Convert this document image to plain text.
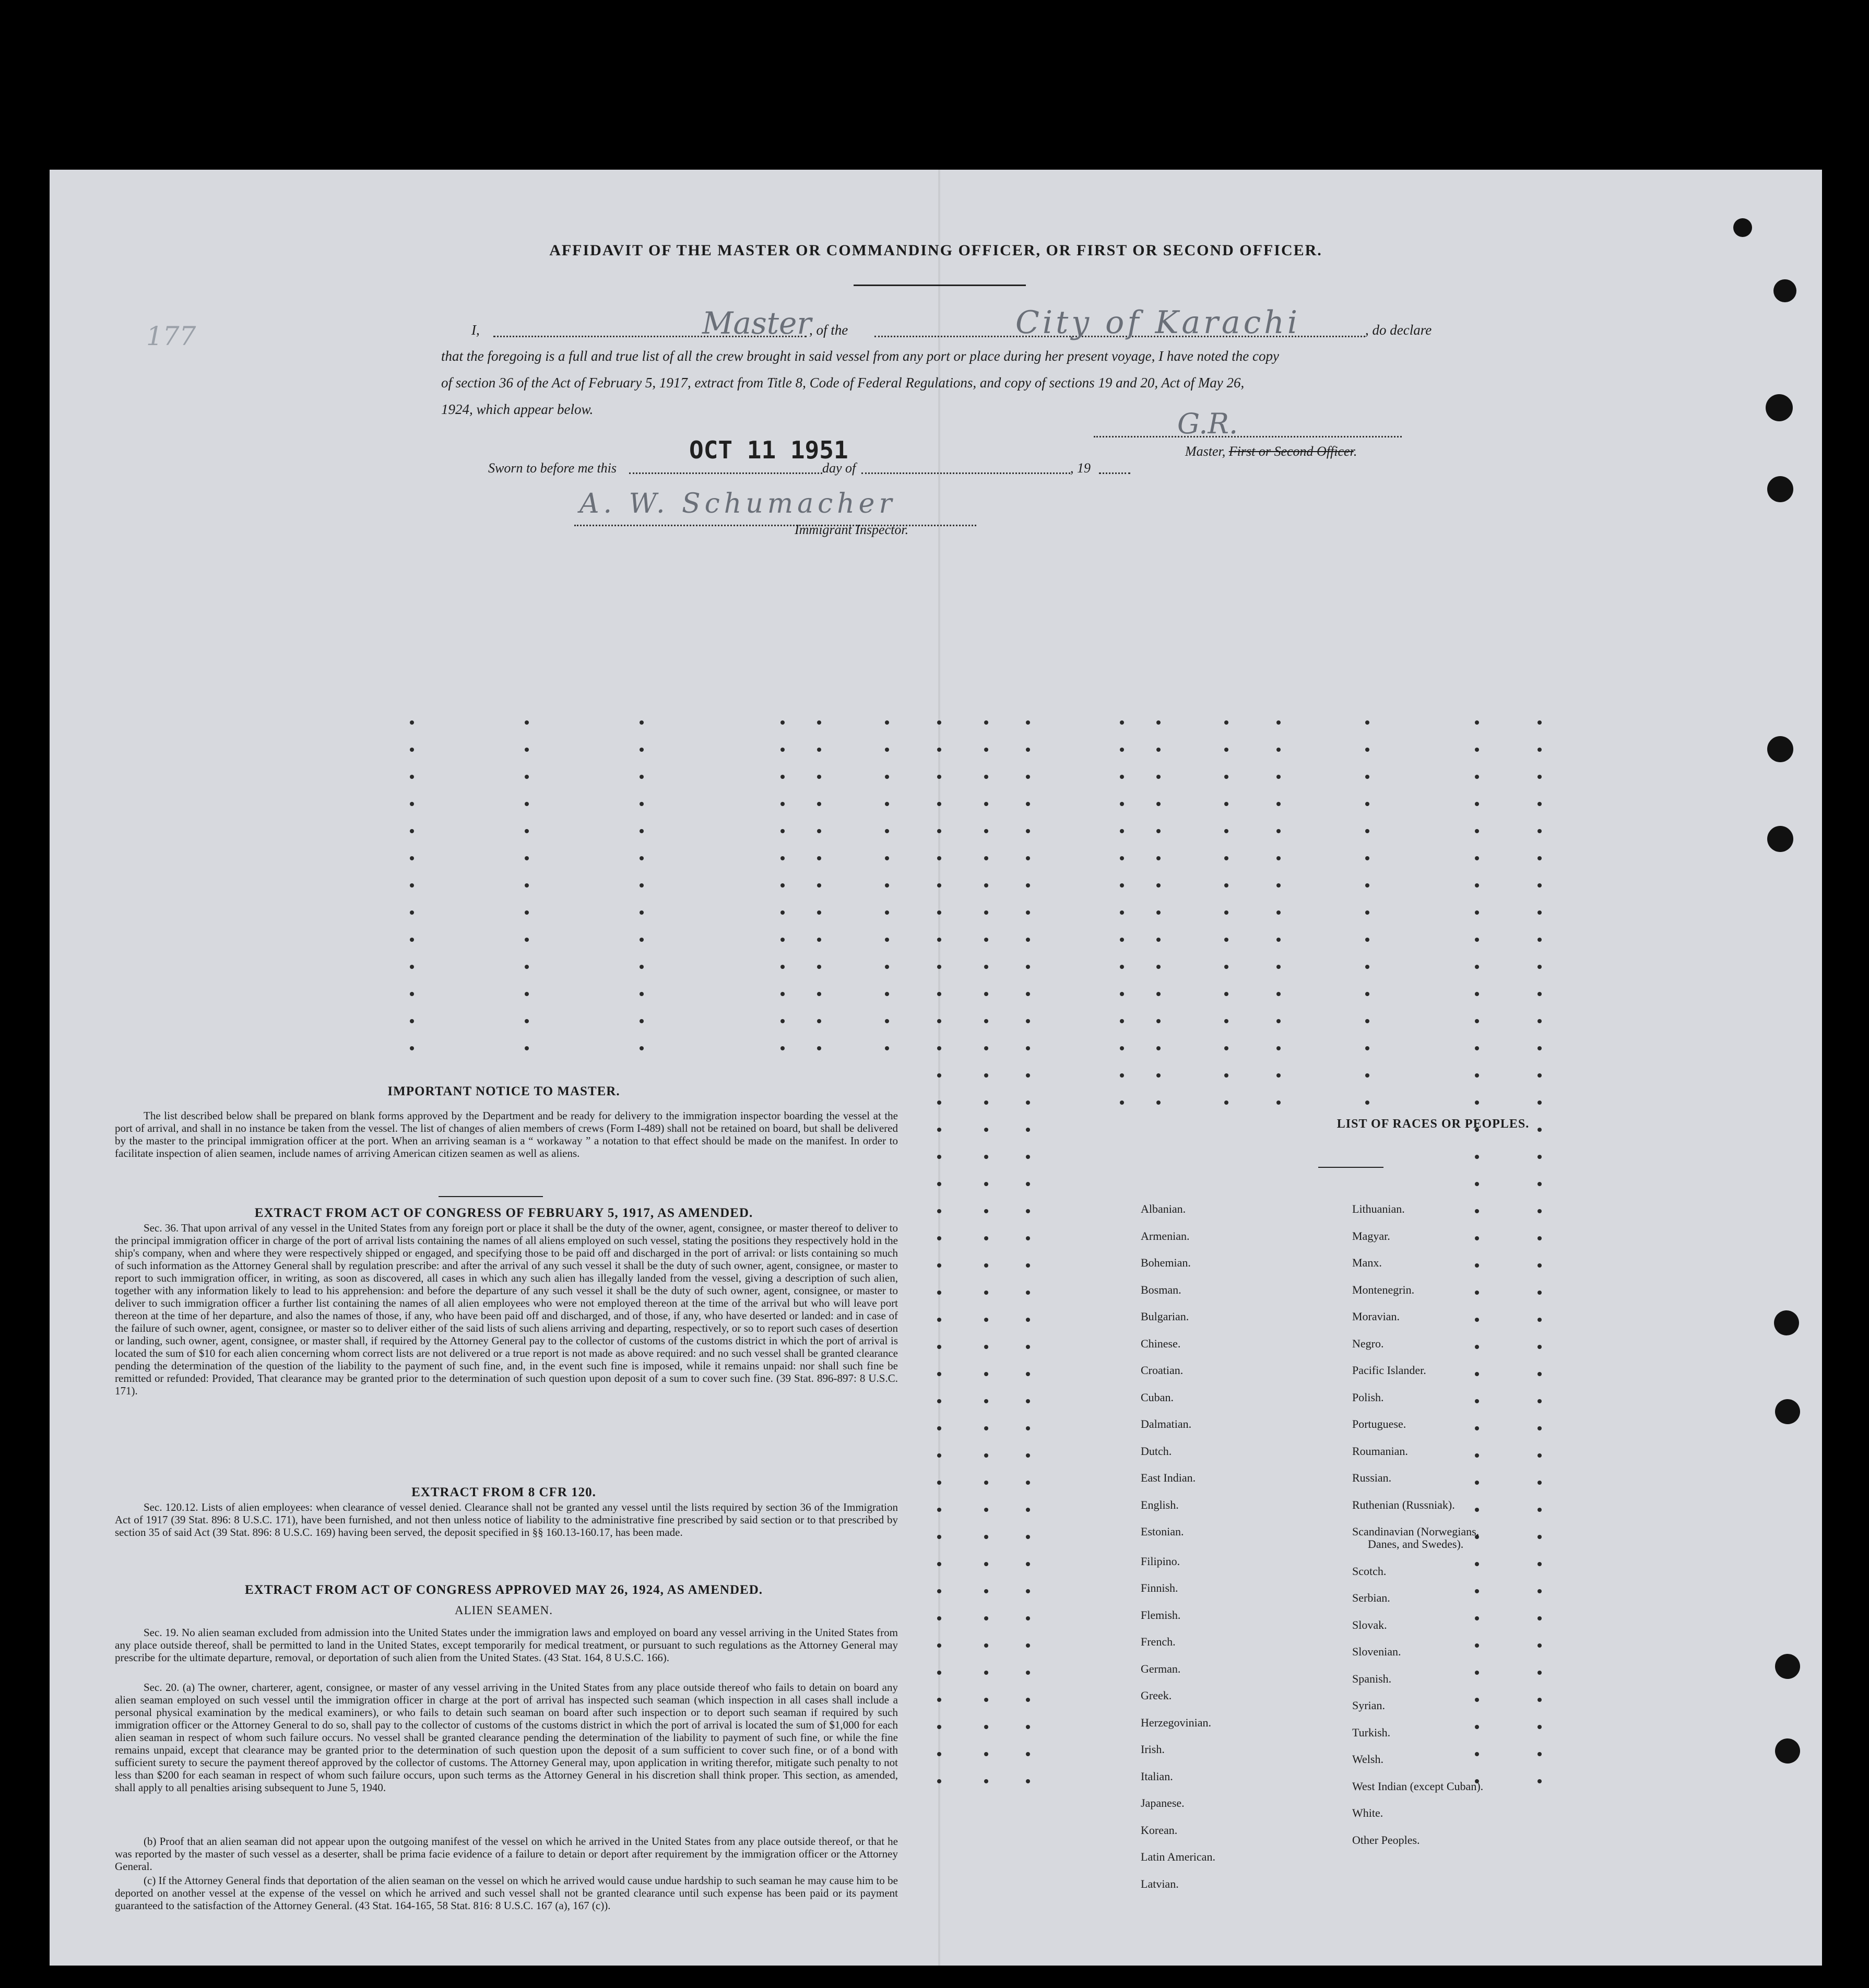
AFFIDAVIT OF THE MASTER OR COMMANDING OFFICER, OR FIRST OR SECOND OFFICER.
177	I,	Master
, of the	City of Karachi	, do declare
that the foregoing is a full and true list of all the crew brought in said vessel from any port or place during her present voyage, I have noted the copy
of section 36 of the Act of February 5, 1917, extract from Title 8, Code of Federal Regulations, and copy of sections 19 and 20, Act of May 26,
1924, which appear below.	G.R.
Master, First or Second Officer.
OCT 11 1951
Sworn to before me this	day of	, 19
A. W. Schumacher
Immigrant Inspector.
IMPORTANT NOTICE TO MASTER.
The list described below shall be prepared on blank forms approved by the Department and be ready for delivery to the immigration inspector boarding the vessel at the port of arrival, and shall in no instance be taken from the vessel. The list of changes of alien members of crews (Form I-489) shall not be retained on board, but shall be delivered by the master to the principal immigration officer at the port. When an arriving seaman is a “ workaway ” a notation to that effect should be made on the manifest. In order to facilitate inspection of alien seamen, include names of arriving American citizen seamen as well as aliens.
EXTRACT FROM ACT OF CONGRESS OF FEBRUARY 5, 1917, AS AMENDED.
Sec. 36. That upon arrival of any vessel in the United States from any foreign port or place it shall be the duty of the owner, agent, consignee, or master thereof to deliver to the principal immigration officer in charge of the port of arrival lists containing the names of all aliens employed on such vessel, stating the positions they respectively hold in the ship's company, when and where they were respectively shipped or engaged, and specifying those to be paid off and discharged in the port of arrival: or lists containing so much of such information as the Attorney General shall by regulation prescribe: and after the arrival of any such vessel it shall be the duty of such owner, agent, consignee, or master to report to such immigration officer, in writing, as soon as discovered, all cases in which any such alien has illegally landed from the vessel, giving a description of such alien, together with any information likely to lead to his apprehension: and before the departure of any such vessel it shall be the duty of such owner, agent, consignee, or master to deliver to such immigration officer a further list containing the names of all alien employees who were not employed thereon at the time of the arrival but who will leave port thereon at the time of her departure, and also the names of those, if any, who have been paid off and discharged, and of those, if any, who have deserted or landed: and in case of the failure of such owner, agent, consignee, or master so to deliver either of the said lists of such aliens arriving and departing, respectively, or so to report such cases of desertion or landing, such owner, agent, consignee, or master shall, if required by the Attorney General pay to the collector of customs of the customs district in which the port of arrival is located the sum of $10 for each alien concerning whom correct lists are not delivered or a true report is not made as above required: and no such vessel shall be granted clearance pending the determination of the question of the liability to the payment of such fine, and, in the event such fine is imposed, while it remains unpaid: nor shall such fine be remitted or refunded: Provided, That clearance may be granted prior to the determination of such question upon deposit of a sum to cover such fine. (39 Stat. 896-897: 8 U.S.C. 171).
EXTRACT FROM 8 CFR 120.
Sec. 120.12. Lists of alien employees: when clearance of vessel denied. Clearance shall not be granted any vessel until the lists required by section 36 of the Immigration Act of 1917 (39 Stat. 896: 8 U.S.C. 171), have been furnished, and not then unless notice of liability to the administrative fine prescribed by said section or to that prescribed by section 35 of said Act (39 Stat. 896: 8 U.S.C. 169) having been served, the deposit specified in §§ 160.13-160.17, has been made.
EXTRACT FROM ACT OF CONGRESS APPROVED MAY 26, 1924, AS AMENDED.
ALIEN SEAMEN.
Sec. 19. No alien seaman excluded from admission into the United States under the immigration laws and employed on board any vessel arriving in the United States from any place outside thereof, shall be permitted to land in the United States, except temporarily for medical treatment, or pursuant to such regulations as the Attorney General may prescribe for the ultimate departure, removal, or deportation of such alien from the United States. (43 Stat. 164, 8 U.S.C. 166).
Sec. 20. (a) The owner, charterer, agent, consignee, or master of any vessel arriving in the United States from any place outside thereof who fails to detain on board any alien seaman employed on such vessel until the immigration officer in charge at the port of arrival has inspected such seaman (which inspection in all cases shall include a personal physical examination by the medical examiners), or who fails to detain such seaman on board after such inspection or to deport such seaman if required by such immigration officer or the Attorney General to do so, shall pay to the collector of customs of the customs district in which the port of arrival is located the sum of $1,000 for each alien seaman in respect of whom such failure occurs. No vessel shall be granted clearance pending the determination of the liability to payment of such fine, or while the fine remains unpaid, except that clearance may be granted prior to the determination of such question upon the deposit of a sum sufficient to cover such fine, or of a bond with sufficient surety to secure the payment thereof approved by the collector of customs. The Attorney General may, upon application in writing therefor, mitigate such penalty to not less than $200 for each seaman in respect of whom such failure occurs, upon such terms as the Attorney General in his discretion shall think proper. This section, as amended, shall apply to all penalties arising subsequent to June 5, 1940.
(b) Proof that an alien seaman did not appear upon the outgoing manifest of the vessel on which he arrived in the United States from any place outside thereof, or that he was reported by the master of such vessel as a deserter, shall be prima facie evidence of a failure to detain or deport after requirement by the immigration officer or the Attorney General.
(c) If the Attorney General finds that deportation of the alien seaman on the vessel on which he arrived would cause undue hardship to such seaman he may cause him to be deported on another vessel at the expense of the vessel on which he arrived and such vessel shall not be granted clearance until such expense has been paid or its payment guaranteed to the satisfaction of the Attorney General. (43 Stat. 164-165, 58 Stat. 816: 8 U.S.C. 167 (a), 167 (c)).
LIST OF RACES OR PEOPLES.
Albanian.
Armenian.
Bohemian.
Bosman.
Bulgarian.
Chinese.
Croatian.
Cuban.
Dalmatian.
Dutch.
East Indian.
English.
Estonian.
Filipino.
Finnish.
Flemish.
French.
German.
Greek.
Herzegovinian.
Irish.
Italian.
Japanese.
Korean.
Latin American.
Latvian.
Lithuanian.
Magyar.
Manx.
Montenegrin.
Moravian.
Negro.
Pacific Islander.
Polish.
Portuguese.
Roumanian.
Russian.
Ruthenian (Russniak).
Scandinavian (Norwegians,
Danes, and Swedes).
Scotch.
Serbian.
Slovak.
Slovenian.
Spanish.
Syrian.
Turkish.
Welsh.
West Indian (except Cuban).
White.
Other Peoples.
